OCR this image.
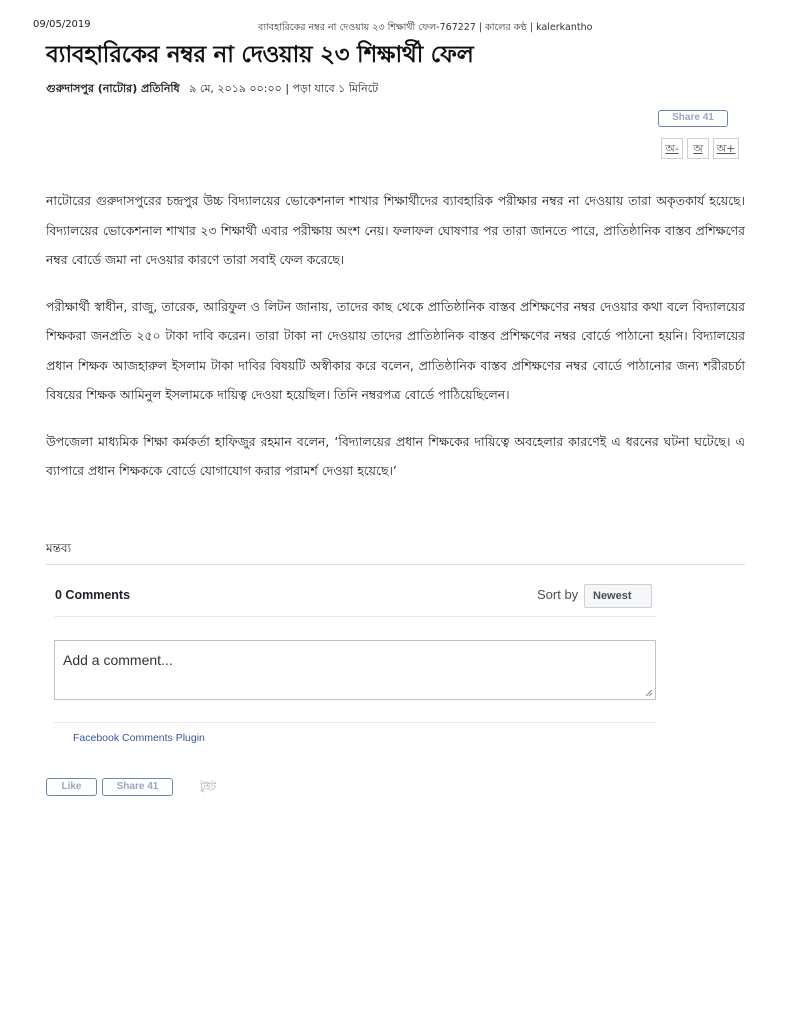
09/05/2019	ব্যাবহারিকের নম্বর না দেওয়ায় ২৩ শিক্ষার্থী ফেল-767227 | কালের কণ্ঠ | kalerkantho
ব্যাবহারিকের নম্বর না দেওয়ায় ২৩ শিক্ষার্থী ফেল
গুরুদাসপুর (নাটোর) প্রতিনিধি ৯ মে, ২০১৯ ০০:০০ | পড়া যাবে ১ মিনিটে
Share 41
অ-	অ	অ+

নাটোরের গুরুদাসপুরের চন্দ্রপুর উচ্চ বিদ্যালয়ের ভোকেশনাল শাখার শিক্ষার্থীদের ব্যাবহারিক পরীক্ষার নম্বর না দেওয়ায় তারা অকৃতকার্য হয়েছে। বিদ্যালয়ের ভোকেশনাল শাখার ২৩ শিক্ষার্থী এবার পরীক্ষায় অংশ নেয়। ফলাফল ঘোষণার পর তারা জানতে পারে, প্রাতিষ্ঠানিক বাস্তব প্রশিক্ষণের নম্বর বোর্ডে জমা না দেওয়ার কারণে তারা সবাই ফেল করেছে।

পরীক্ষার্থী স্বাধীন, রাজু, তারেক, আরিফুল ও লিটন জানায়, তাদের কাছ থেকে প্রাতিষ্ঠানিক বাস্তব প্রশিক্ষণের নম্বর দেওয়ার কথা বলে বিদ্যালয়ের শিক্ষকরা জনপ্রতি ২৫০ টাকা দাবি করেন। তারা টাকা না দেওয়ায় তাদের প্রাতিষ্ঠানিক বাস্তব প্রশিক্ষণের নম্বর বোর্ডে পাঠানো হয়নি। বিদ্যালয়ের প্রধান শিক্ষক আজহারুল ইসলাম টাকা দাবির বিষয়টি অস্বীকার করে বলেন, প্রাতিষ্ঠানিক বাস্তব প্রশিক্ষণের নম্বর বোর্ডে পাঠানোর জন্য শরীরচর্চা বিষয়ের শিক্ষক আমিনুল ইসলামকে দায়িত্ব দেওয়া হয়েছিল। তিনি নম্বরপত্র বোর্ডে পাঠিয়েছিলেন।

উপজেলা মাধ্যমিক শিক্ষা কর্মকর্তা হাফিজুর রহমান বলেন, ‘বিদ্যালয়ের প্রধান শিক্ষকের দায়িত্বে অবহেলার কারণেই এ ধরনের ঘটনা ঘটেছে। এ ব্যাপারে প্রধান শিক্ষককে বোর্ডে যোগাযোগ করার পরামর্শ দেওয়া হয়েছে।’

মন্তব্য
0 Comments	Sort by	Newest
Add a comment...
Facebook Comments Plugin
Like	Share 41	টুইট
